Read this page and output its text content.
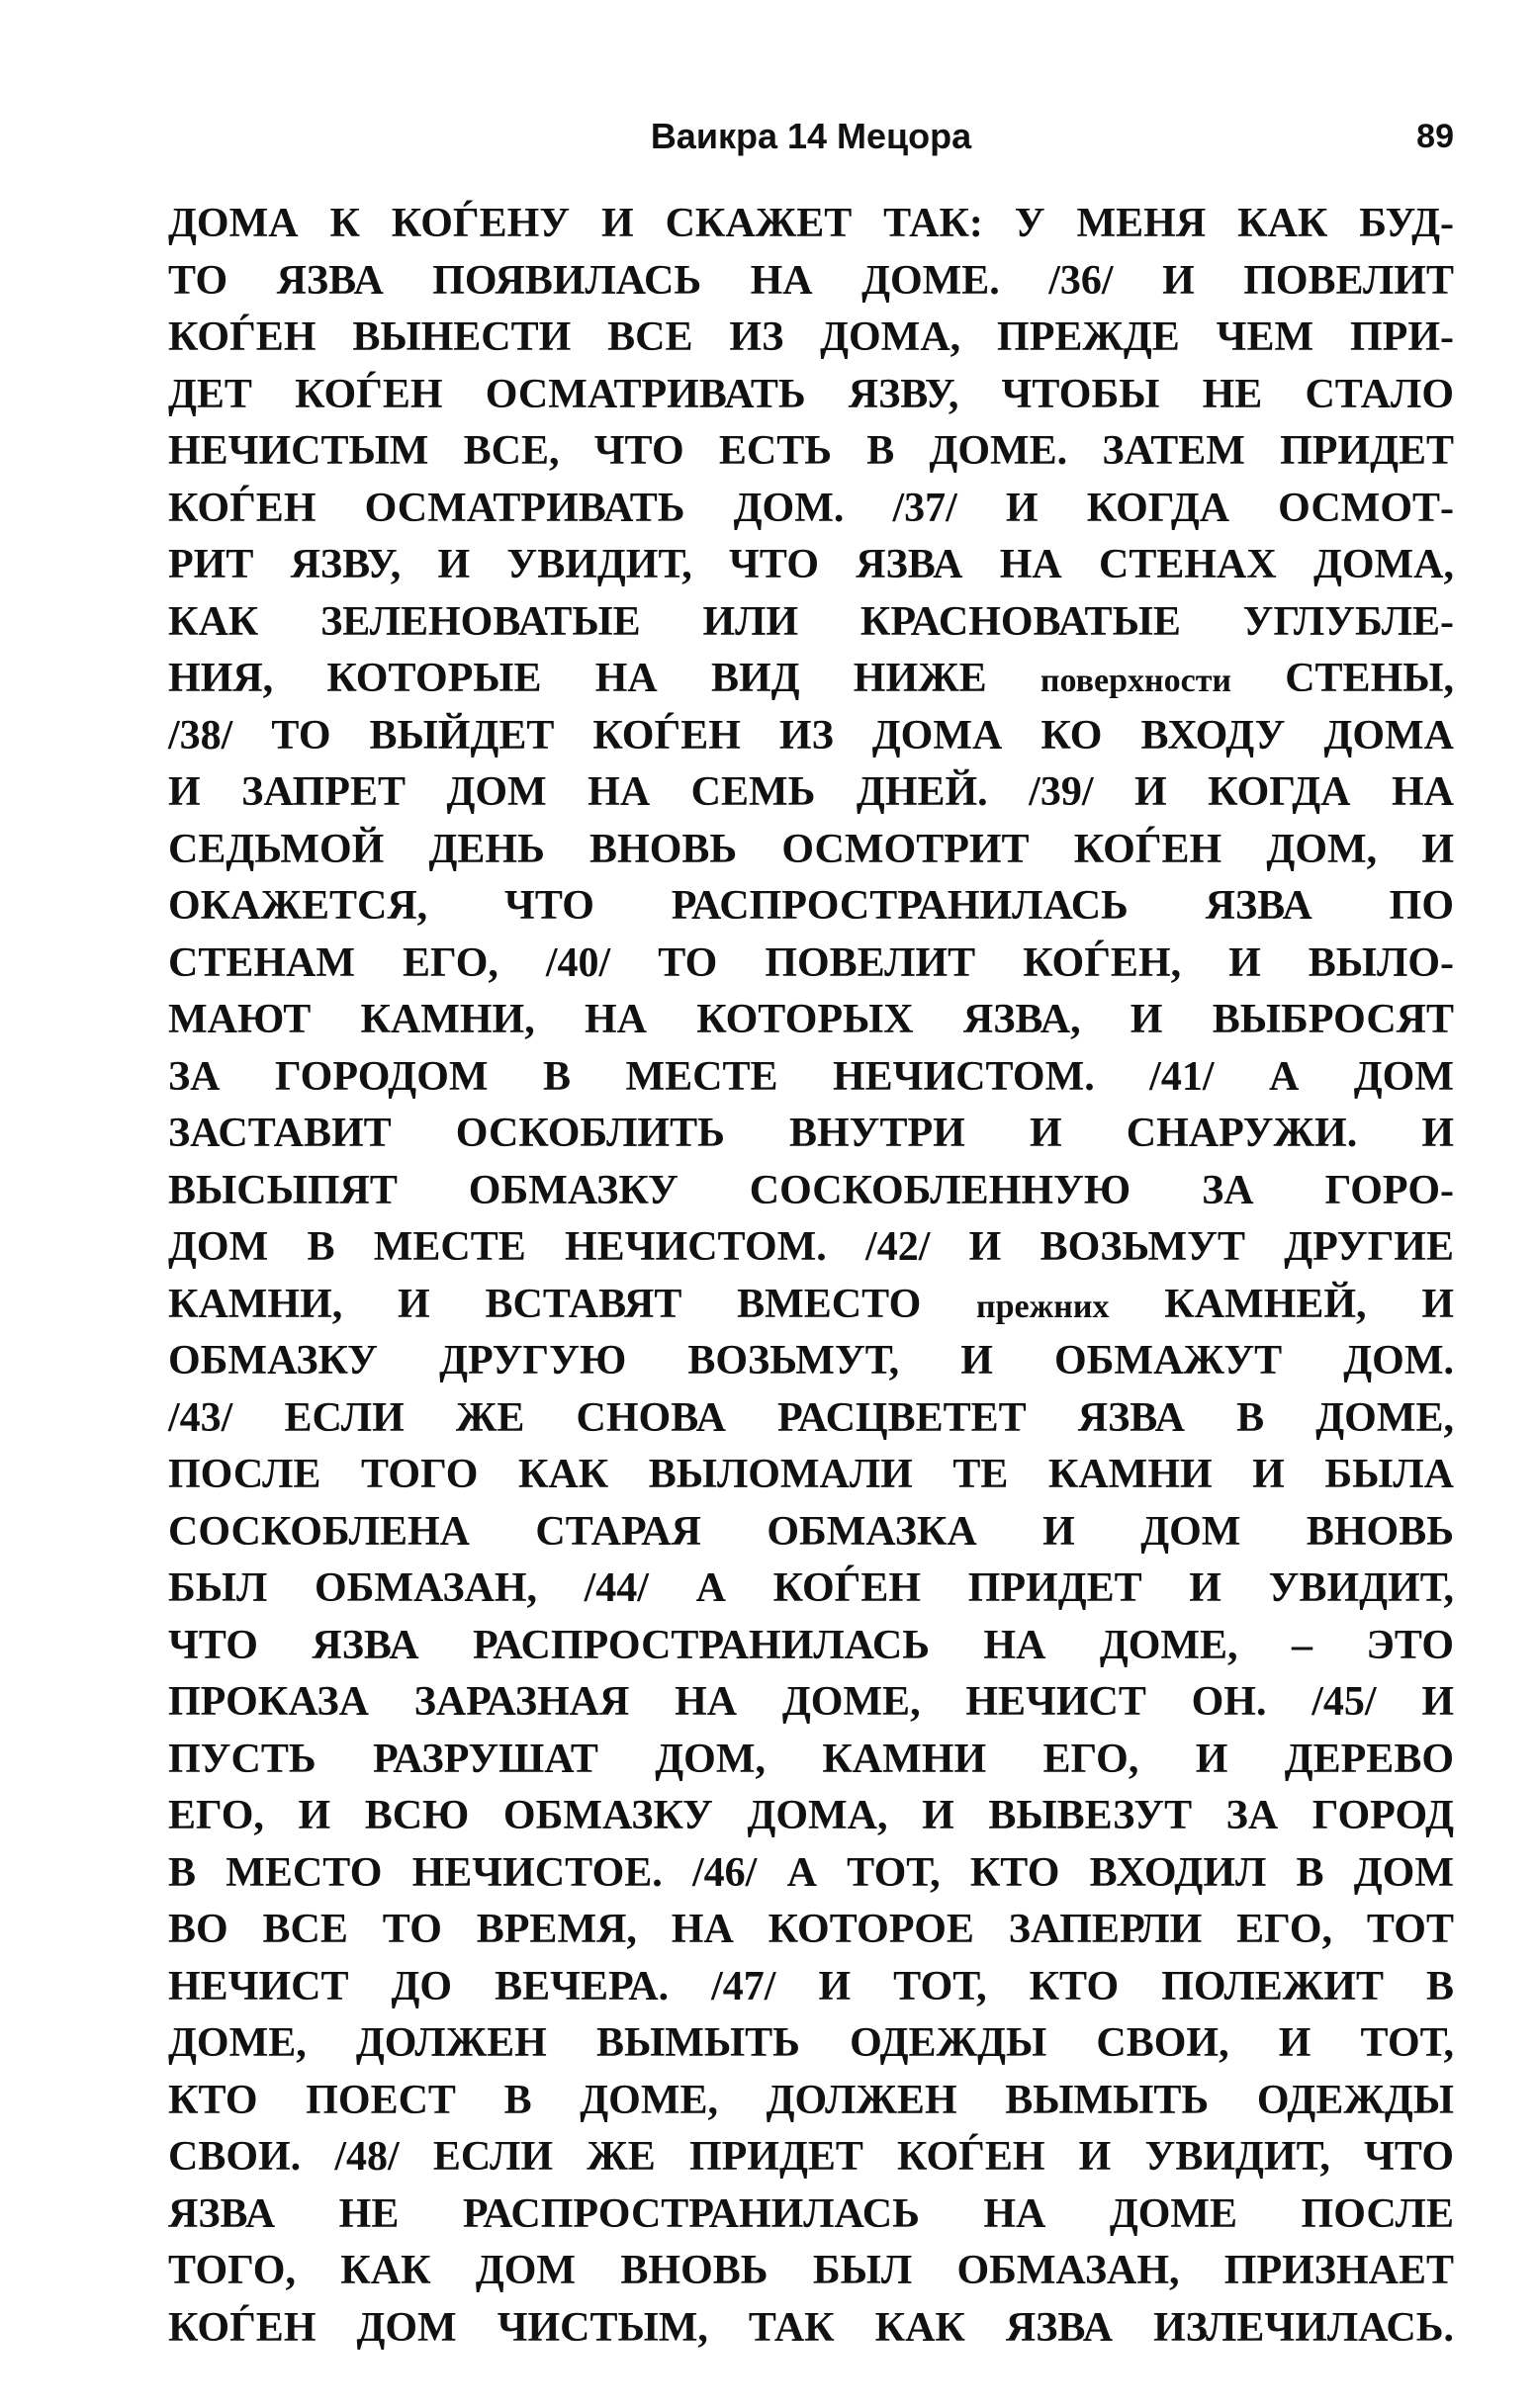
Ваикра 14 Мецора	89
ДОМА К КОЃЕНУ И СКАЖЕТ ТАК: У МЕНЯ КАК БУД-
ТО ЯЗВА ПОЯВИЛАСЬ НА ДОМЕ. /36/ И ПОВЕЛИТ
КОЃЕН ВЫНЕСТИ ВСЕ ИЗ ДОМА, ПРЕЖДЕ ЧЕМ ПРИ-
ДЕТ КОЃЕН ОСМАТРИВАТЬ ЯЗВУ, ЧТОБЫ НЕ СТАЛО
НЕЧИСТЫМ ВСЕ, ЧТО ЕСТЬ В ДОМЕ. ЗАТЕМ ПРИДЕТ
КОЃЕН ОСМАТРИВАТЬ ДОМ. /37/ И КОГДА ОСМОТ-
РИТ ЯЗВУ, И УВИДИТ, ЧТО ЯЗВА НА СТЕНАХ ДОМА,
КАК ЗЕЛЕНОВАТЫЕ ИЛИ КРАСНОВАТЫЕ УГЛУБЛЕ-
НИЯ, КОТОРЫЕ НА ВИД НИЖЕ поверхности СТЕНЫ,
/38/ ТО ВЫЙДЕТ КОЃЕН ИЗ ДОМА КО ВХОДУ ДОМА
И ЗАПРЕТ ДОМ НА СЕМЬ ДНЕЙ. /39/ И КОГДА НА
СЕДЬМОЙ ДЕНЬ ВНОВЬ ОСМОТРИТ КОЃЕН ДОМ, И
ОКАЖЕТСЯ, ЧТО РАСПРОСТРАНИЛАСЬ ЯЗВА ПО
СТЕНАМ ЕГО, /40/ ТО ПОВЕЛИТ КОЃЕН, И ВЫЛО-
МАЮТ КАМНИ, НА КОТОРЫХ ЯЗВА, И ВЫБРОСЯТ
ЗА ГОРОДОМ В МЕСТЕ НЕЧИСТОМ. /41/ А ДОМ
ЗАСТАВИТ ОСКОБЛИТЬ ВНУТРИ И СНАРУЖИ. И
ВЫСЫПЯТ ОБМАЗКУ СОСКОБЛЕННУЮ ЗА ГОРО-
ДОМ В МЕСТЕ НЕЧИСТОМ. /42/ И ВОЗЬМУТ ДРУГИЕ
КАМНИ, И ВСТАВЯТ ВМЕСТО прежних КАМНЕЙ, И
ОБМАЗКУ ДРУГУЮ ВОЗЬМУТ, И ОБМАЖУТ ДОМ.
/43/ ЕСЛИ ЖЕ СНОВА РАСЦВЕТЕТ ЯЗВА В ДОМЕ,
ПОСЛЕ ТОГО КАК ВЫЛОМАЛИ ТЕ КАМНИ И БЫЛА
СОСКОБЛЕНА СТАРАЯ ОБМАЗКА И ДОМ ВНОВЬ
БЫЛ ОБМАЗАН, /44/ А КОЃЕН ПРИДЕТ И УВИДИТ,
ЧТО ЯЗВА РАСПРОСТРАНИЛАСЬ НА ДОМЕ, – ЭТО
ПРОКАЗА ЗАРАЗНАЯ НА ДОМЕ, НЕЧИСТ ОН. /45/ И
ПУСТЬ РАЗРУШАТ ДОМ, КАМНИ ЕГО, И ДЕРЕВО
ЕГО, И ВСЮ ОБМАЗКУ ДОМА, И ВЫВЕЗУТ ЗА ГОРОД
В МЕСТО НЕЧИСТОЕ. /46/ А ТОТ, КТО ВХОДИЛ В ДОМ
ВО ВСЕ ТО ВРЕМЯ, НА КОТОРОЕ ЗАПЕРЛИ ЕГО, ТОТ
НЕЧИСТ ДО ВЕЧЕРА. /47/ И ТОТ, КТО ПОЛЕЖИТ В
ДОМЕ, ДОЛЖЕН ВЫМЫТЬ ОДЕЖДЫ СВОИ, И ТОТ,
КТО ПОЕСТ В ДОМЕ, ДОЛЖЕН ВЫМЫТЬ ОДЕЖДЫ
СВОИ. /48/ ЕСЛИ ЖЕ ПРИДЕТ КОЃЕН И УВИДИТ, ЧТО
ЯЗВА НЕ РАСПРОСТРАНИЛАСЬ НА ДОМЕ ПОСЛЕ
ТОГО, КАК ДОМ ВНОВЬ БЫЛ ОБМАЗАН, ПРИЗНАЕТ
КОЃЕН ДОМ ЧИСТЫМ, ТАК КАК ЯЗВА ИЗЛЕЧИЛАСЬ.
